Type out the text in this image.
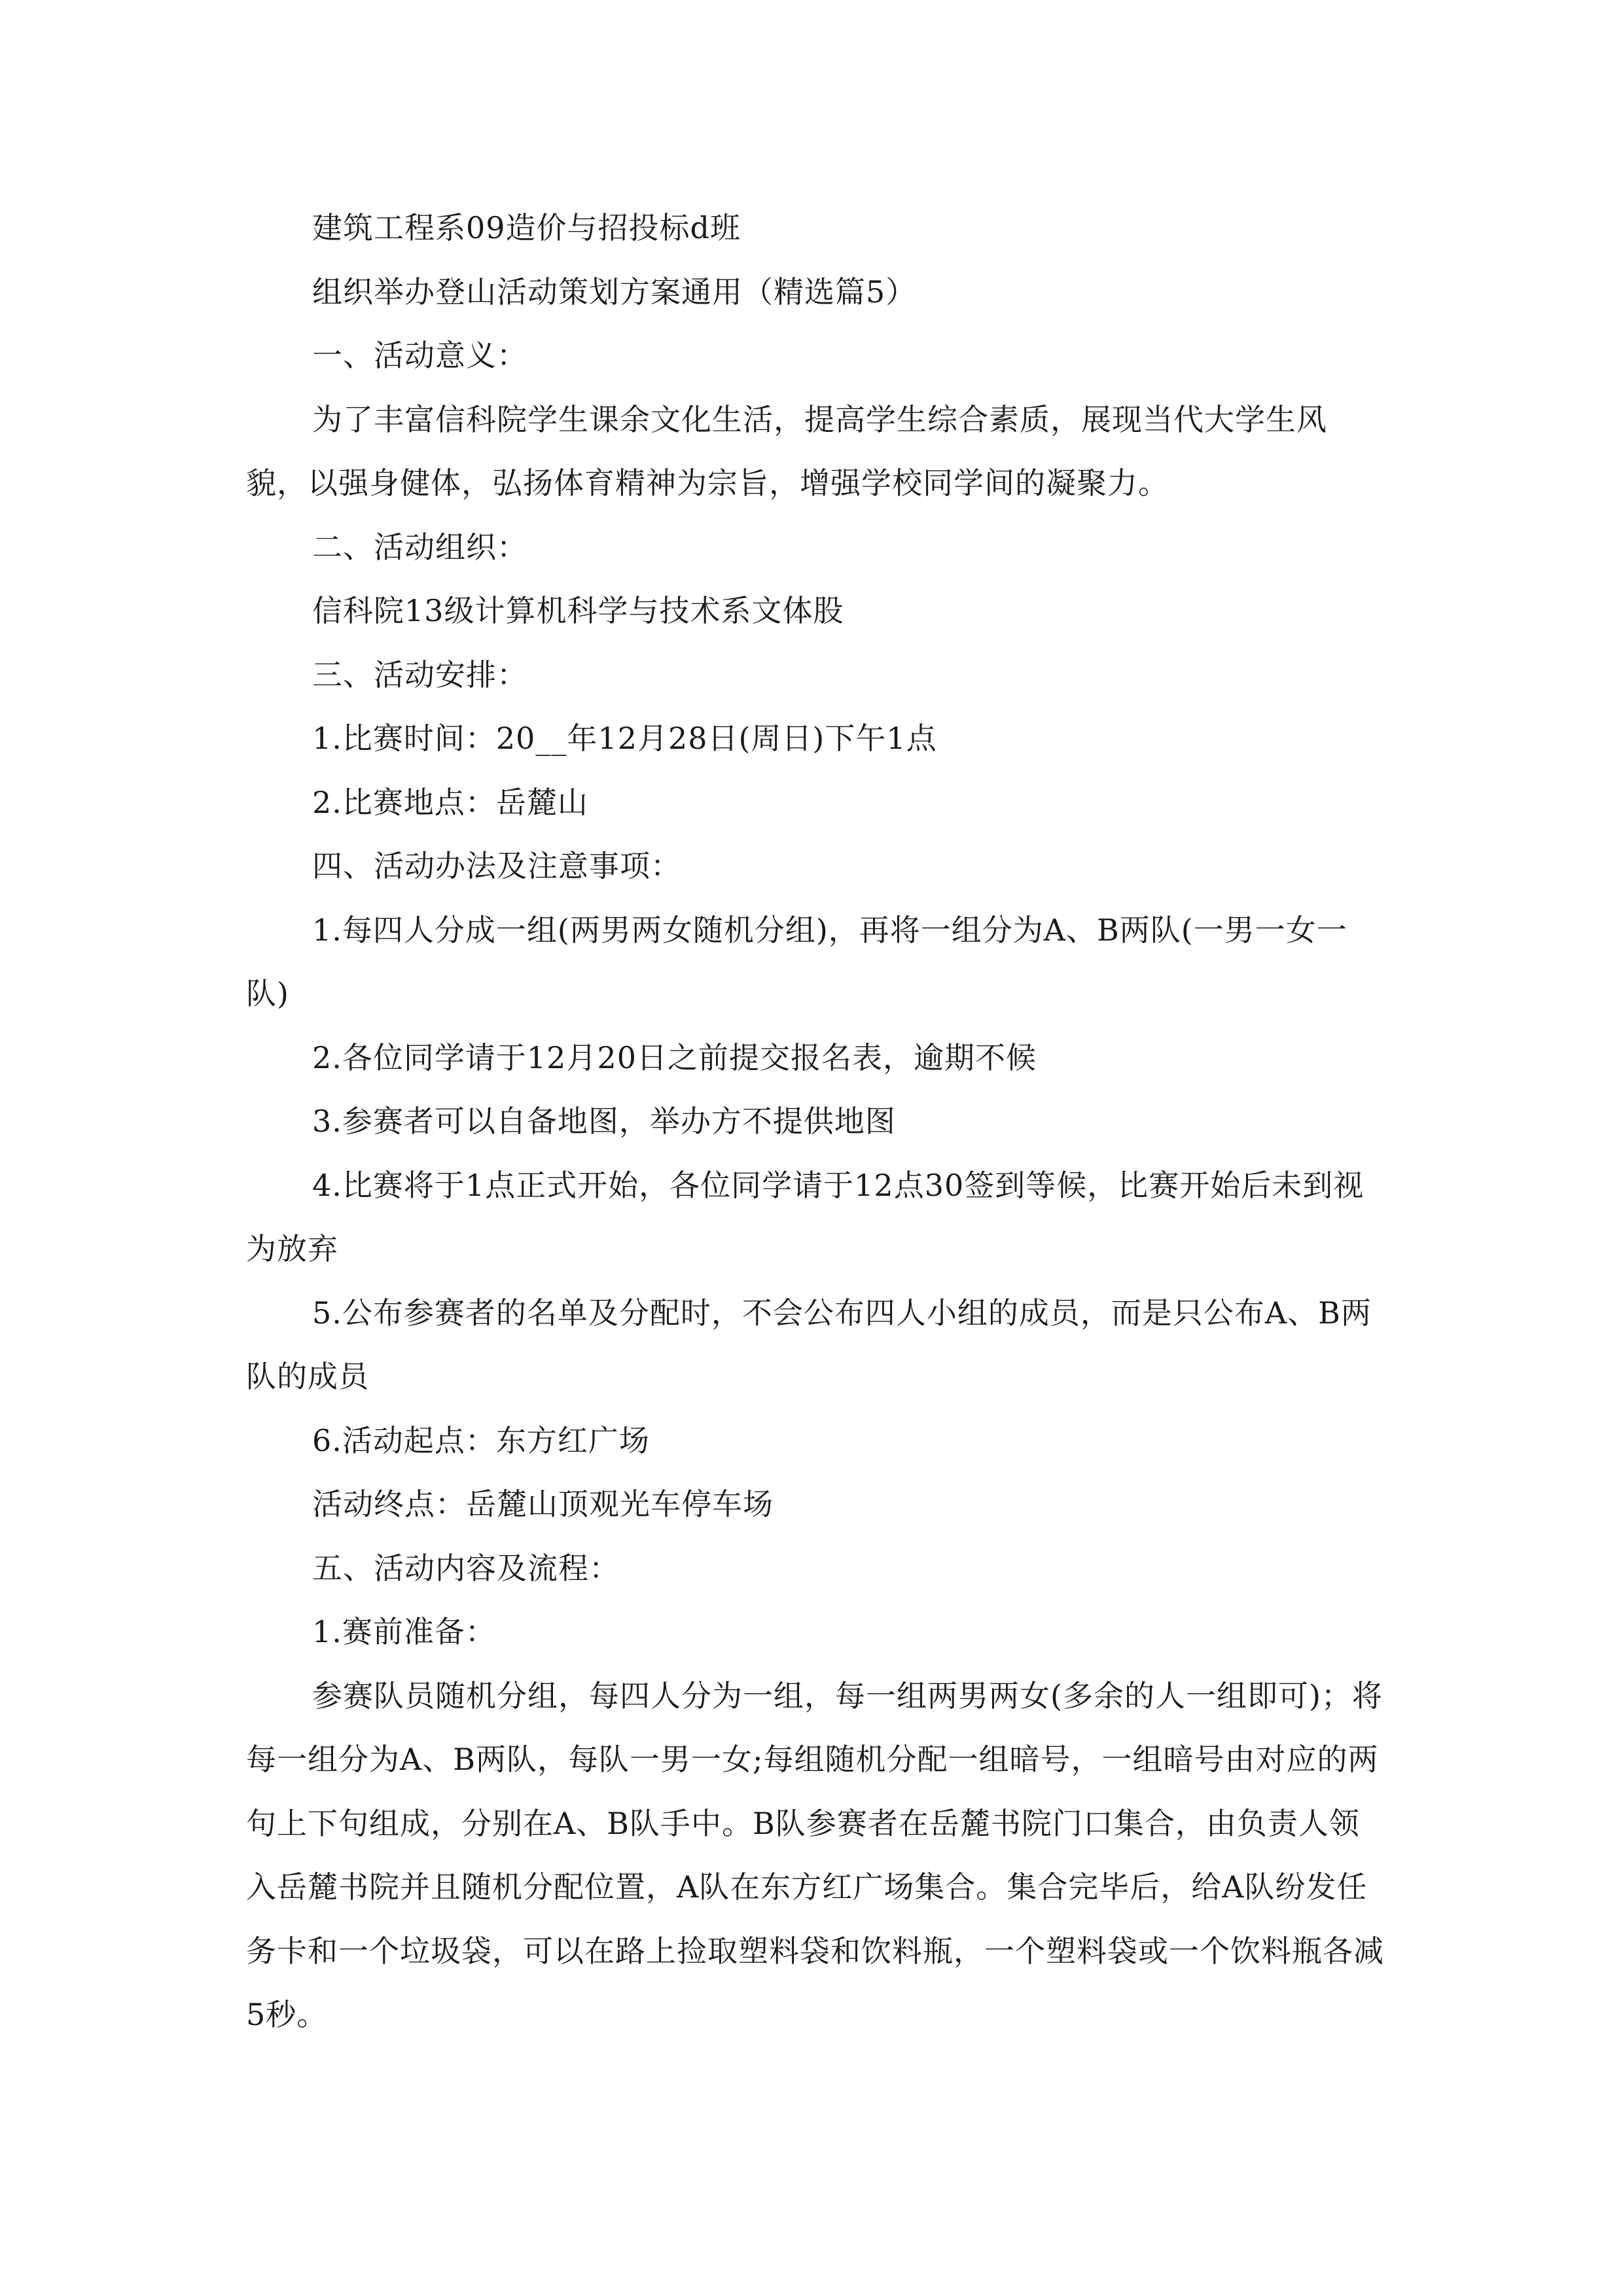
建筑工程系09造价与招投标d班

组织举办登山活动策划方案通用（精选篇5）

一、活动意义：

为了丰富信科院学生课余文化生活，提高学生综合素质，展现当代大学生风貌，以强身健体，弘扬体育精神为宗旨，增强学校同学间的凝聚力。

二、活动组织：

信科院13级计算机科学与技术系文体股

三、活动安排：

1.比赛时间：20__年12月28日(周日)下午1点

2.比赛地点：岳麓山

四、活动办法及注意事项：

1.每四人分成一组(两男两女随机分组)，再将一组分为A、B两队(一男一女一队)

2.各位同学请于12月20日之前提交报名表，逾期不候

3.参赛者可以自备地图，举办方不提供地图

4.比赛将于1点正式开始，各位同学请于12点30签到等候，比赛开始后未到视为放弃

5.公布参赛者的名单及分配时，不会公布四人小组的成员，而是只公布A、B两队的成员

6.活动起点：东方红广场

活动终点：岳麓山顶观光车停车场

五、活动内容及流程：

1.赛前准备：

参赛队员随机分组，每四人分为一组，每一组两男两女(多余的人一组即可)；将每一组分为A、B两队，每队一男一女;每组随机分配一组暗号，一组暗号由对应的两句上下句组成，分别在A、B队手中。B队参赛者在岳麓书院门口集合，由负责人领入岳麓书院并且随机分配位置，A队在东方红广场集合。集合完毕后，给A队纷发任务卡和一个垃圾袋，可以在路上捡取塑料袋和饮料瓶，一个塑料袋或一个饮料瓶各减5秒。
